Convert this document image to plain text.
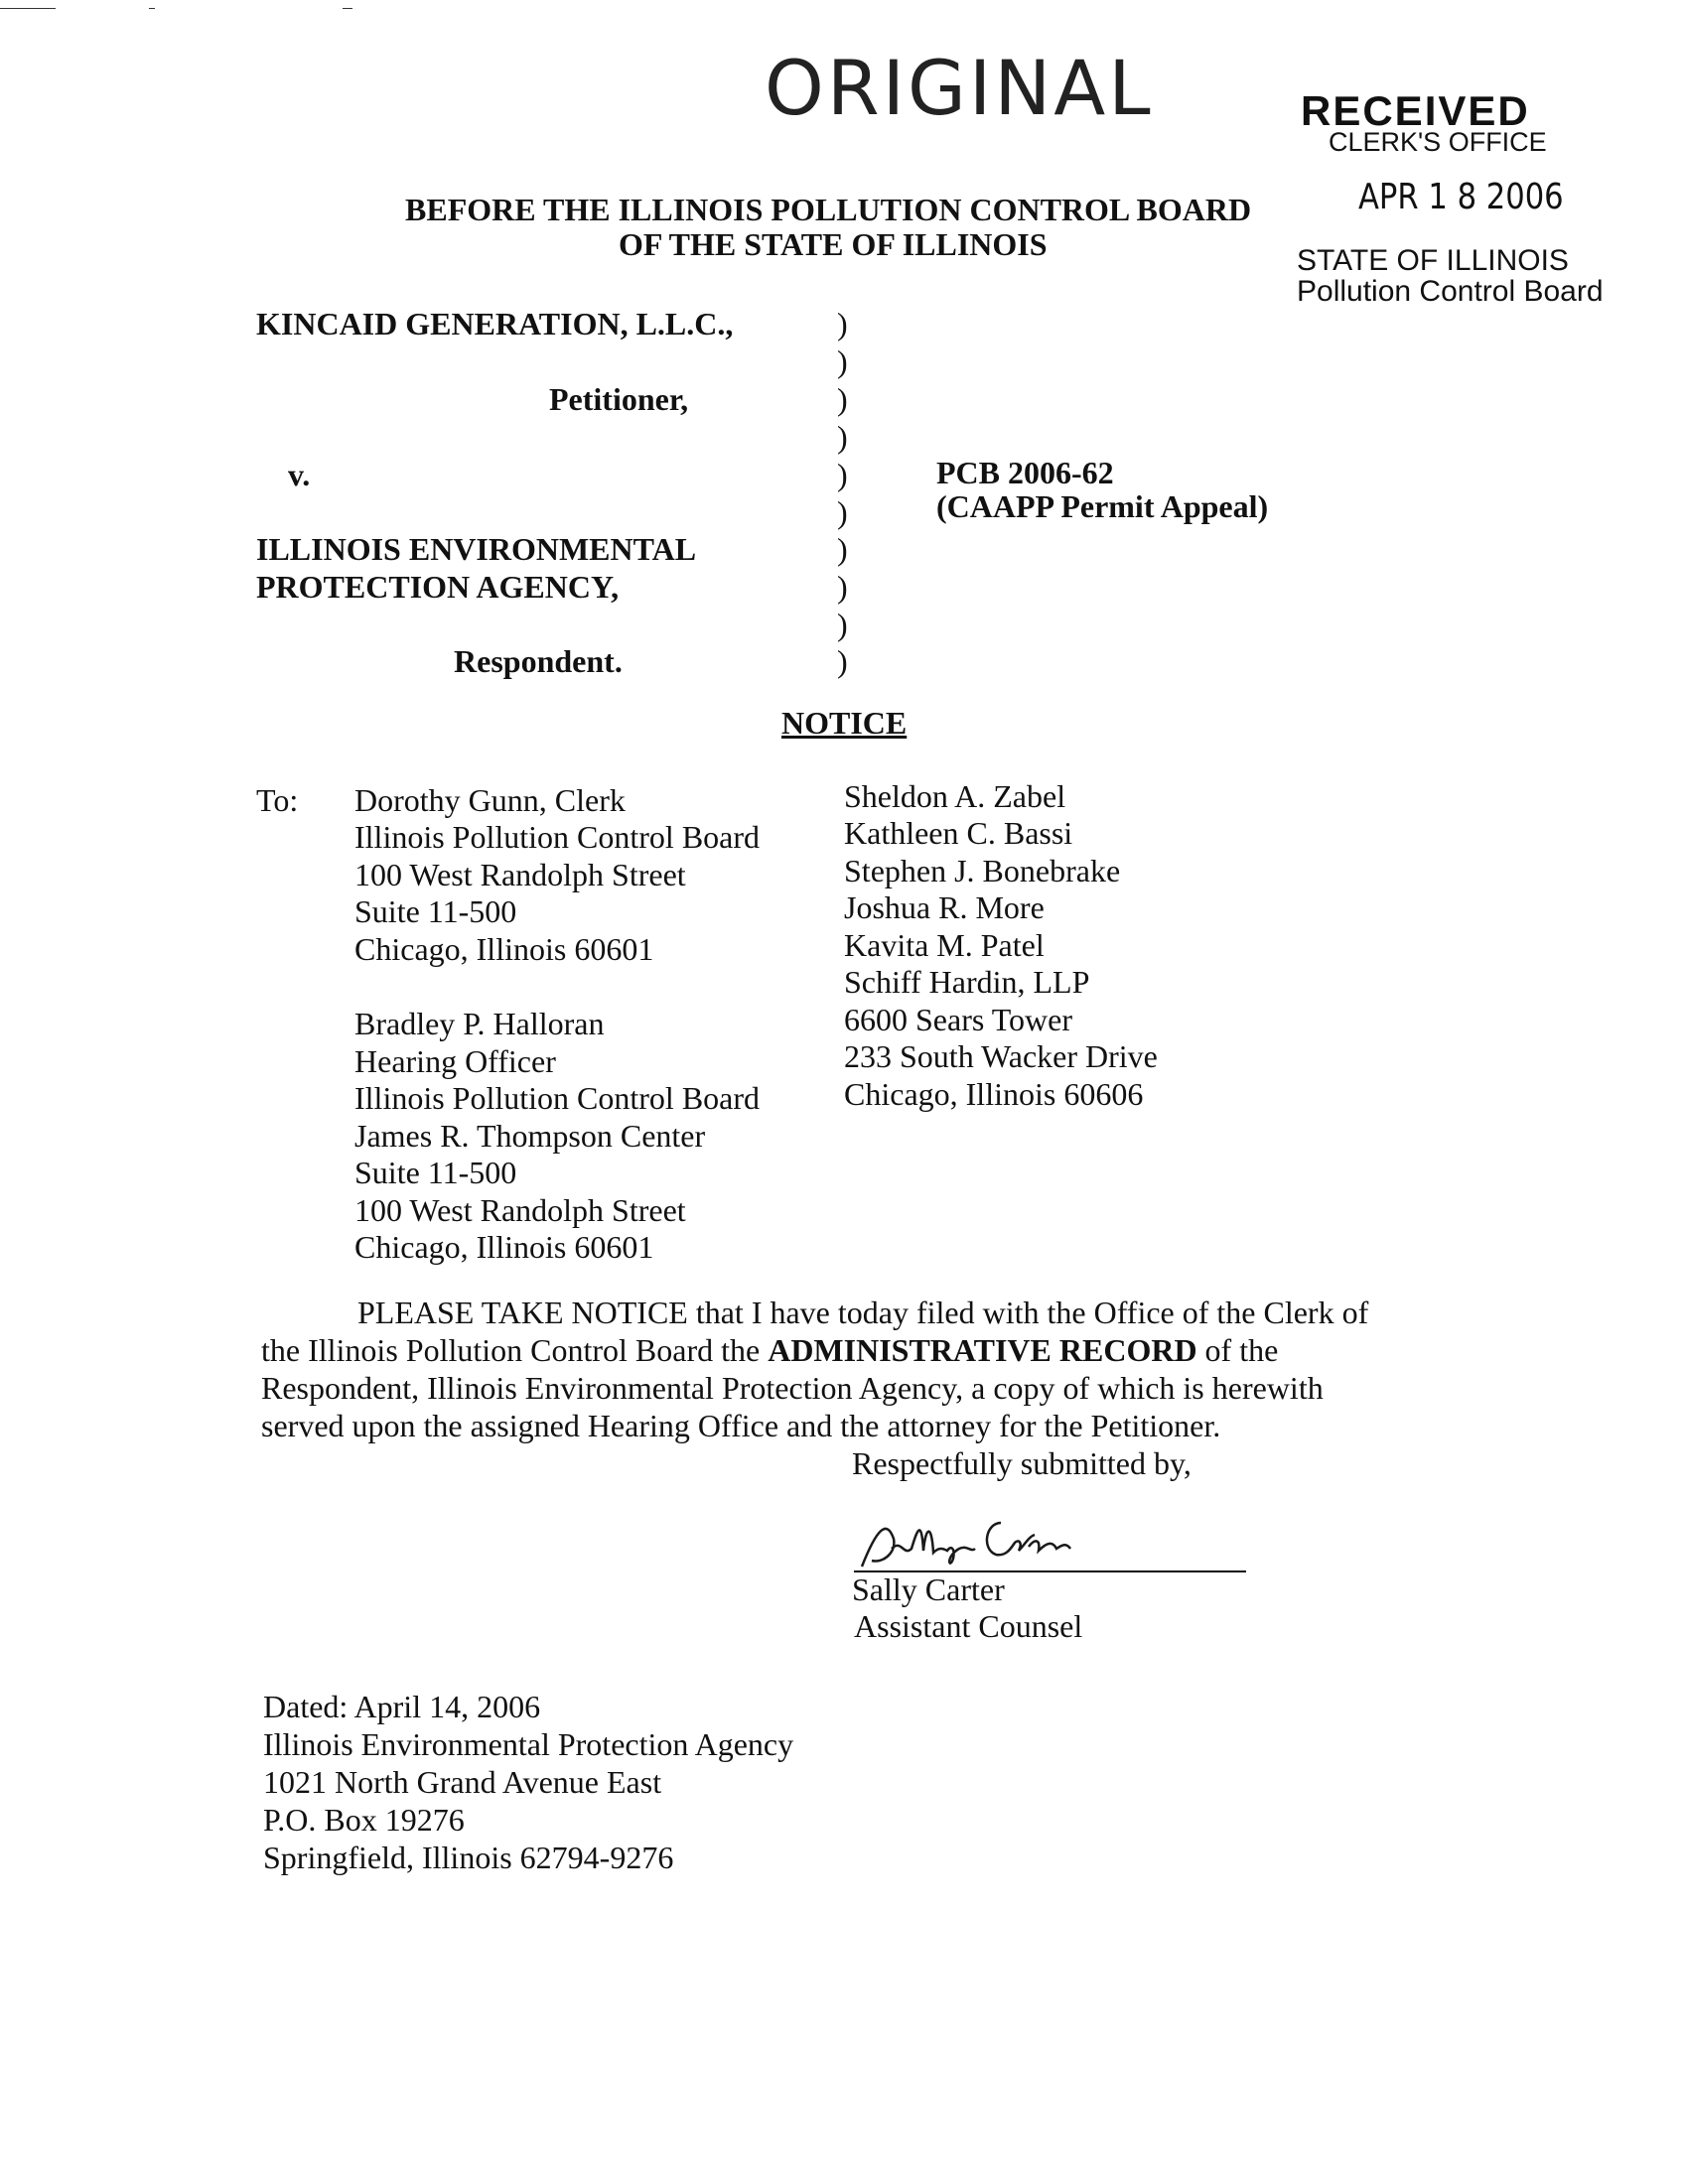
ORIGINAL	RECEIVED
CLERK'S OFFICE
APR 1 8 2006
STATE OF ILLINOIS
Pollution Control Board
BEFORE THE ILLINOIS POLLUTION CONTROL BOARD
OF THE STATE OF ILLINOIS
KINCAID GENERATION, L.L.C.,
Petitioner,
v.
ILLINOIS ENVIRONMENTAL
PROTECTION AGENCY,
Respondent.
)
)
)
)
)
)
)
)
)
)
PCB 2006-62
(CAAPP Permit Appeal)
NOTICE
To: Dorothy Gunn, Clerk
Illinois Pollution Control Board
100 West Randolph Street
Suite 11-500
Chicago, Illinois 60601
Bradley P. Halloran
Hearing Officer
Illinois Pollution Control Board
James R. Thompson Center
Suite 11-500
100 West Randolph Street
Chicago, Illinois 60601
Sheldon A. Zabel
Kathleen C. Bassi
Stephen J. Bonebrake
Joshua R. More
Kavita M. Patel
Schiff Hardin, LLP
6600 Sears Tower
233 South Wacker Drive
Chicago, Illinois 60606
PLEASE TAKE NOTICE that I have today filed with the Office of the Clerk of
the Illinois Pollution Control Board the ADMINISTRATIVE RECORD of the
Respondent, Illinois Environmental Protection Agency, a copy of which is herewith
served upon the assigned Hearing Office and the attorney for the Petitioner.
Respectfully submitted by,
Sally Carter
Assistant Counsel
Dated: April 14, 2006
Illinois Environmental Protection Agency
1021 North Grand Avenue East
P.O. Box 19276
Springfield, Illinois 62794-9276
